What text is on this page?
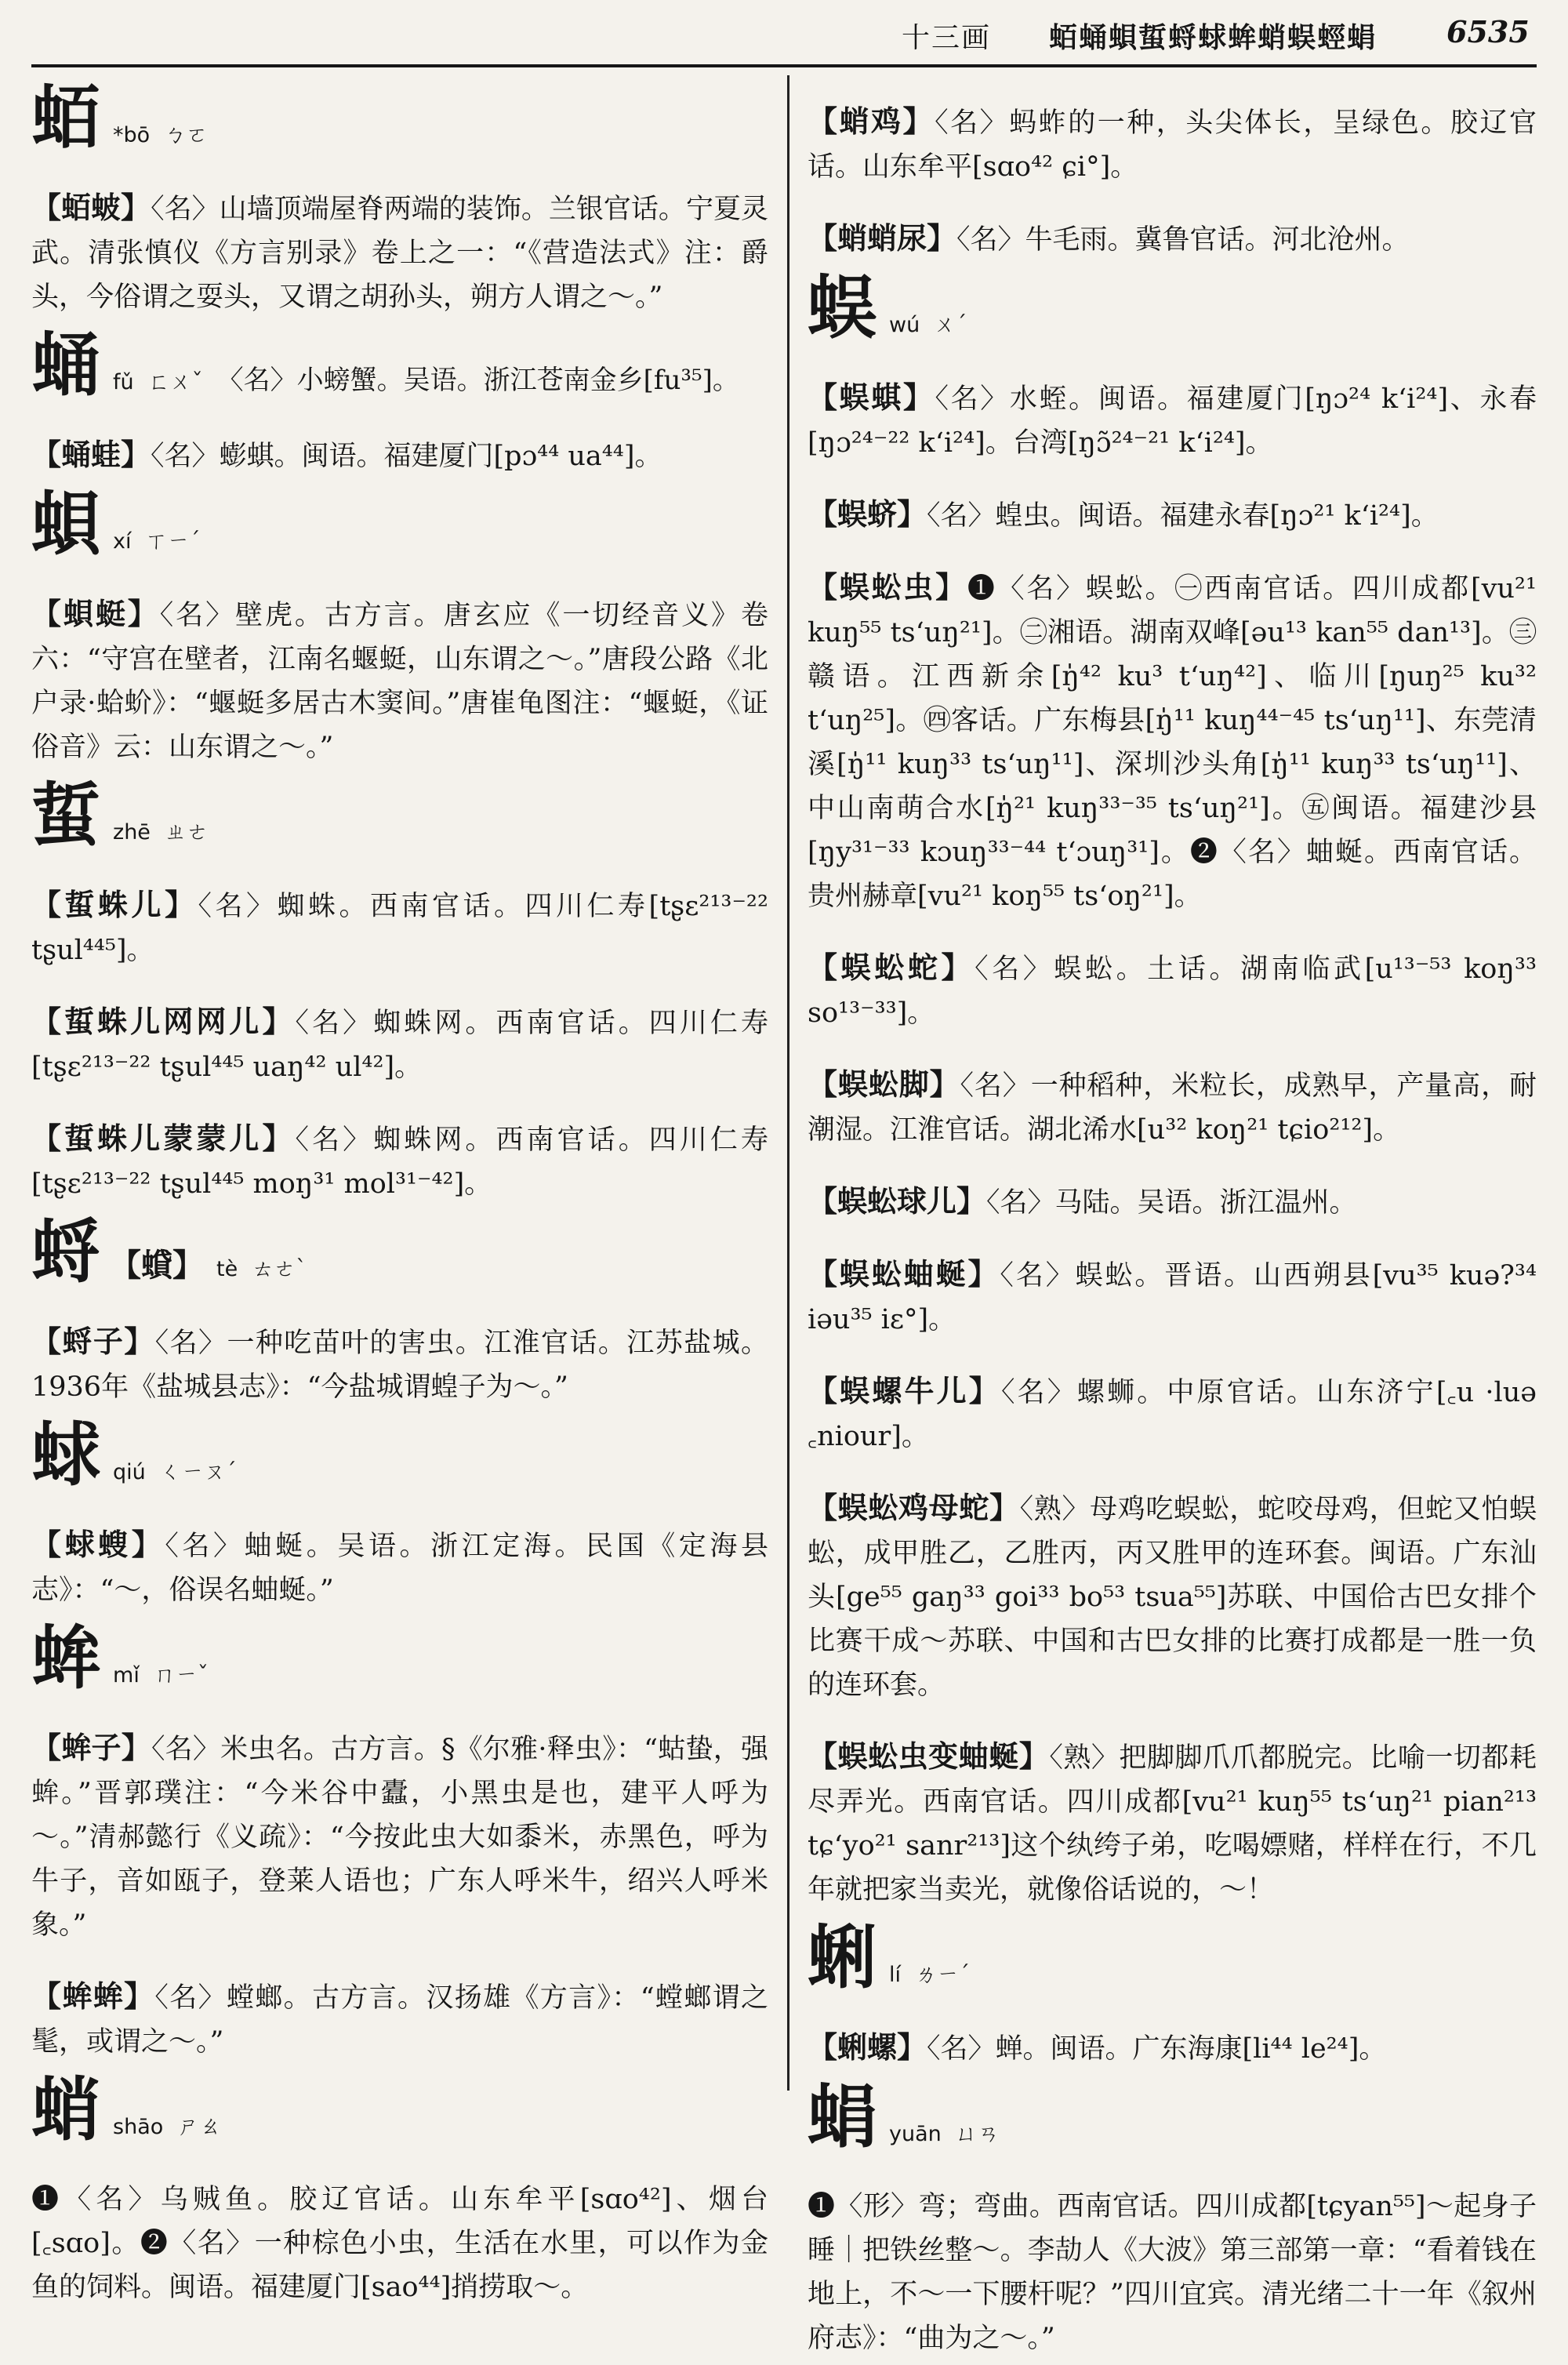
十三画 蛨蛹蛽蜇蛶蛷蛑蛸蜈蛵蜎 6535
蛨 *bō ㄅㄛ

【蛨蚾】〈名〉山墙顶端屋脊两端的装饰。兰银官话。宁夏灵武。清张慎仪《方言别录》卷上之一：“《营造法式》注：爵头，今俗谓之耍头，又谓之胡孙头，朔方人谓之～。”

蛹 fǔ ㄈㄨˇ 〈名〉小螃蟹。吴语。浙江苍南金乡[fu³⁵]。

【蛹蛙】〈名〉蟛蜞。闽语。福建厦门[pɔ⁴⁴ ua⁴⁴]。

蛽 xí ㄒㄧˊ

【蛽蜓】〈名〉壁虎。古方言。唐玄应《一切经音义》卷六：“守宫在壁者，江南名蝘蜓，山东谓之～。”唐段公路《北户录·蛤蚧》：“蝘蜓多居古木窦间。”唐崔龟图注：“蝘蜓，《证俗音》云：山东谓之～。”

蜇 zhē ㄓㄜ

【蜇蛛儿】〈名〉蜘蛛。西南官话。四川仁寿[tʂɛ²¹³⁻²² tʂul⁴⁴⁵]。

【蜇蛛儿网网儿】〈名〉蜘蛛网。西南官话。四川仁寿[tʂɛ²¹³⁻²² tʂul⁴⁴⁵ uaŋ⁴² ul⁴²]。

【蜇蛛儿蒙蒙儿】〈名〉蜘蛛网。西南官话。四川仁寿[tʂɛ²¹³⁻²² tʂul⁴⁴⁵ moŋ³¹ mol³¹⁻⁴²]。

蛶 【蟘】 tè ㄊㄜˋ

【蛶子】〈名〉一种吃苗叶的害虫。江淮官话。江苏盐城。1936年《盐城县志》：“今盐城谓蝗子为～。”

蛷 qiú ㄑㄧㄡˊ

【蛷螋】〈名〉蚰蜒。吴语。浙江定海。民国《定海县志》：“～，俗误名蚰蜒。”

蛑 mǐ ㄇㄧˇ

【蛑子】〈名〉米虫名。古方言。§《尔雅·释虫》：“蛄蛰，强蛑。”晋郭璞注：“今米谷中蠹，小黑虫是也，建平人呼为～。”清郝懿行《义疏》：“今按此虫大如黍米，赤黑色，呼为牛子，音如瓯子，登莱人语也；广东人呼米牛，绍兴人呼米象。”

【蛑蛑】〈名〉螳螂。古方言。汉扬雄《方言》：“螳螂谓之髦，或谓之～。”

蛸 shāo ㄕㄠ

❶〈名〉乌贼鱼。胶辽官话。山东牟平[sɑo⁴²]、烟台[꜀sɑo]。❷〈名〉一种棕色小虫，生活在水里，可以作为金鱼的饲料。闽语。福建厦门[sao⁴⁴]捎捞取～。

【蛸鸡】〈名〉蚂蚱的一种，头尖体长，呈绿色。胶辽官话。山东牟平[sɑo⁴² ɕi°]。

【蛸蛸尿】〈名〉牛毛雨。冀鲁官话。河北沧州。

蜈 wú ㄨˊ

【蜈蜞】〈名〉水蛭。闽语。福建厦门[ŋɔ²⁴ k‘i²⁴]、永春[ŋɔ²⁴⁻²² k‘i²⁴]。台湾[ŋɔ̃²⁴⁻²¹ k‘i²⁴]。

【蜈蛴】〈名〉蝗虫。闽语。福建永春[ŋɔ²¹ k‘i²⁴]。

【蜈蚣虫】❶〈名〉蜈蚣。㊀西南官话。四川成都[vu²¹ kuŋ⁵⁵ ts‘uŋ²¹]。㊁湘语。湖南双峰[əu¹³ kan⁵⁵ dan¹³]。㊂赣语。江西新余[ŋ̍⁴² ku³ t‘uŋ⁴²]、临川[ŋuŋ²⁵ ku³² t‘uŋ²⁵]。㊃客话。广东梅县[ŋ̍¹¹ kuŋ⁴⁴⁻⁴⁵ ts‘uŋ¹¹]、东莞清溪[ŋ̍¹¹ kuŋ³³ ts‘uŋ¹¹]、深圳沙头角[ŋ̍¹¹ kuŋ³³ ts‘uŋ¹¹]、中山南萌合水[ŋ̍²¹ kuŋ³³⁻³⁵ ts‘uŋ²¹]。㊄闽语。福建沙县[ŋy³¹⁻³³ kɔuŋ³³⁻⁴⁴ t‘ɔuŋ³¹]。❷〈名〉蚰蜒。西南官话。贵州赫章[vu²¹ koŋ⁵⁵ ts‘oŋ²¹]。

【蜈蚣蛇】〈名〉蜈蚣。土话。湖南临武[u¹³⁻⁵³ koŋ³³ so¹³⁻³³]。

【蜈蚣脚】〈名〉一种稻种，米粒长，成熟早，产量高，耐潮湿。江淮官话。湖北浠水[u³² koŋ²¹ tɕio²¹²]。

【蜈蚣球儿】〈名〉马陆。吴语。浙江温州。

【蜈蚣蚰蜒】〈名〉蜈蚣。晋语。山西朔县[vu³⁵ kuə?³⁴ iəu³⁵ iɛ°]。

【蜈螺牛儿】〈名〉螺蛳。中原官话。山东济宁[꜀u ·luə ꜀niour]。

【蜈蚣鸡母蛇】〈熟〉母鸡吃蜈蚣，蛇咬母鸡，但蛇又怕蜈蚣，成甲胜乙，乙胜丙，丙又胜甲的连环套。闽语。广东汕头[ge⁵⁵ gaŋ³³ goi³³ bo⁵³ tsua⁵⁵]苏联、中国佮古巴女排个比赛干成～苏联、中国和古巴女排的比赛打成都是一胜一负的连环套。

【蜈蚣虫变蚰蜒】〈熟〉把脚脚爪爪都脱完。比喻一切都耗尽弄光。西南官话。四川成都[vu²¹ kuŋ⁵⁵ ts‘uŋ²¹ pian²¹³ tɕ‘yo²¹ sanr²¹³]这个纨绔子弟，吃喝嫖赌，样样在行，不几年就把家当卖光，就像俗话说的，～！

蜊 lí ㄌㄧˊ

【蜊螺】〈名〉蝉。闽语。广东海康[li⁴⁴ le²⁴]。

蜎 yuān ㄩㄢ

❶〈形〉弯；弯曲。西南官话。四川成都[tɕyan⁵⁵]～起身子睡｜把铁丝整～。李劼人《大波》第三部第一章：“看着钱在地上，不～一下腰杆呢？”四川宜宾。清光绪二十一年《叙州府志》：“曲为之～。”
